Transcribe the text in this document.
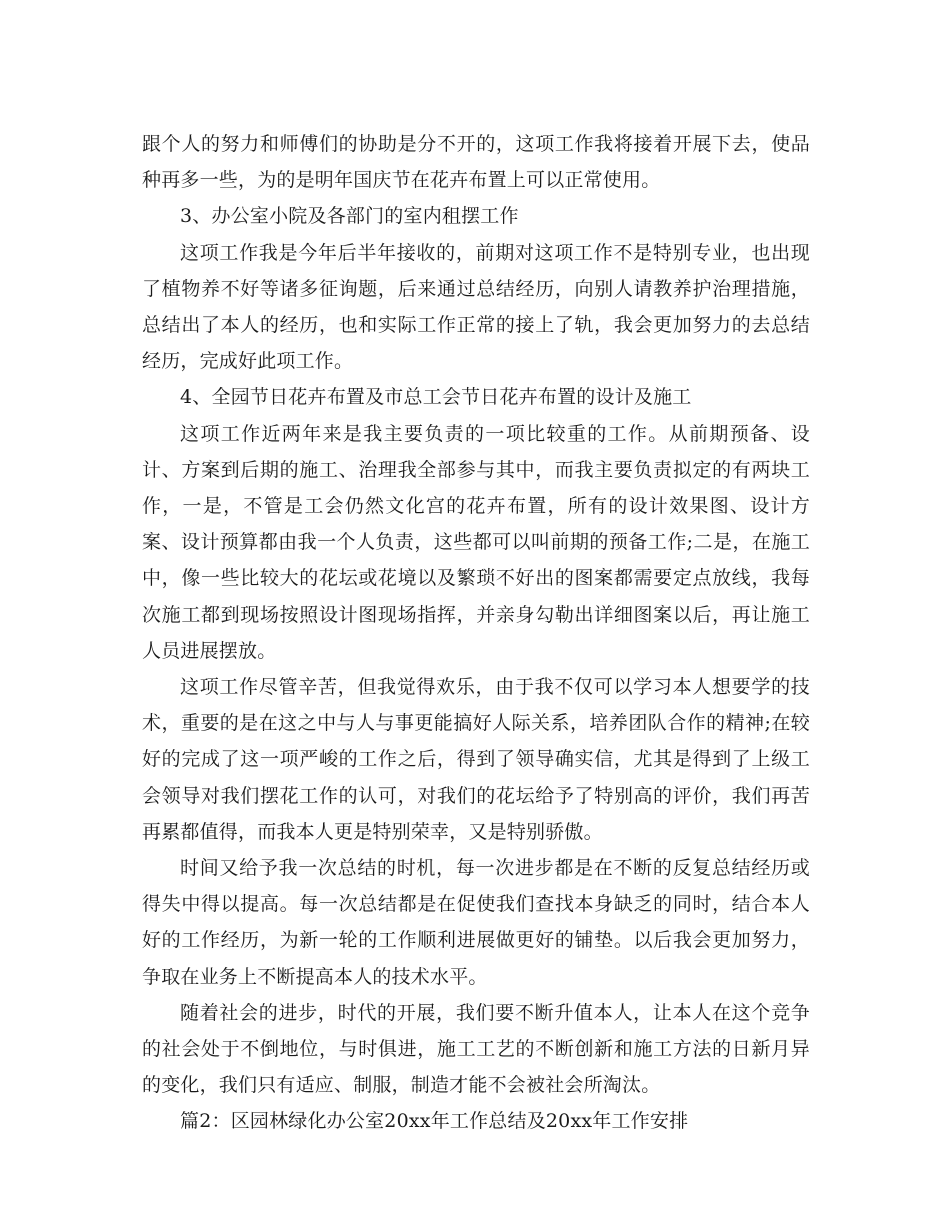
跟个人的努力和师傅们的协助是分不开的，这项工作我将接着开展下去，使品种再多一些，为的是明年国庆节在花卉布置上可以正常使用。

3、办公室小院及各部门的室内租摆工作

这项工作我是今年后半年接收的，前期对这项工作不是特别专业，也出现了植物养不好等诸多征询题，后来通过总结经历，向别人请教养护治理措施，总结出了本人的经历，也和实际工作正常的接上了轨，我会更加努力的去总结经历，完成好此项工作。

4、全园节日花卉布置及市总工会节日花卉布置的设计及施工

这项工作近两年来是我主要负责的一项比较重的工作。从前期预备、设计、方案到后期的施工、治理我全部参与其中，而我主要负责拟定的有两块工作，一是，不管是工会仍然文化宫的花卉布置，所有的设计效果图、设计方案、设计预算都由我一个人负责，这些都可以叫前期的预备工作;二是，在施工中，像一些比较大的花坛或花境以及繁琐不好出的图案都需要定点放线，我每次施工都到现场按照设计图现场指挥，并亲身勾勒出详细图案以后，再让施工人员进展摆放。

这项工作尽管辛苦，但我觉得欢乐，由于我不仅可以学习本人想要学的技术，重要的是在这之中与人与事更能搞好人际关系，培养团队合作的精神;在较好的完成了这一项严峻的工作之后，得到了领导确实信，尤其是得到了上级工会领导对我们摆花工作的认可，对我们的花坛给予了特别高的评价，我们再苦再累都值得，而我本人更是特别荣幸，又是特别骄傲。

时间又给予我一次总结的时机，每一次进步都是在不断的反复总结经历或得失中得以提高。每一次总结都是在促使我们查找本身缺乏的同时，结合本人好的工作经历，为新一轮的工作顺利进展做更好的铺垫。以后我会更加努力，争取在业务上不断提高本人的技术水平。

随着社会的进步，时代的开展，我们要不断升值本人，让本人在这个竞争的社会处于不倒地位，与时俱进，施工工艺的不断创新和施工方法的日新月异的变化，我们只有适应、制服，制造才能不会被社会所淘汰。

篇2：区园林绿化办公室20xx年工作总结及20xx年工作安排
